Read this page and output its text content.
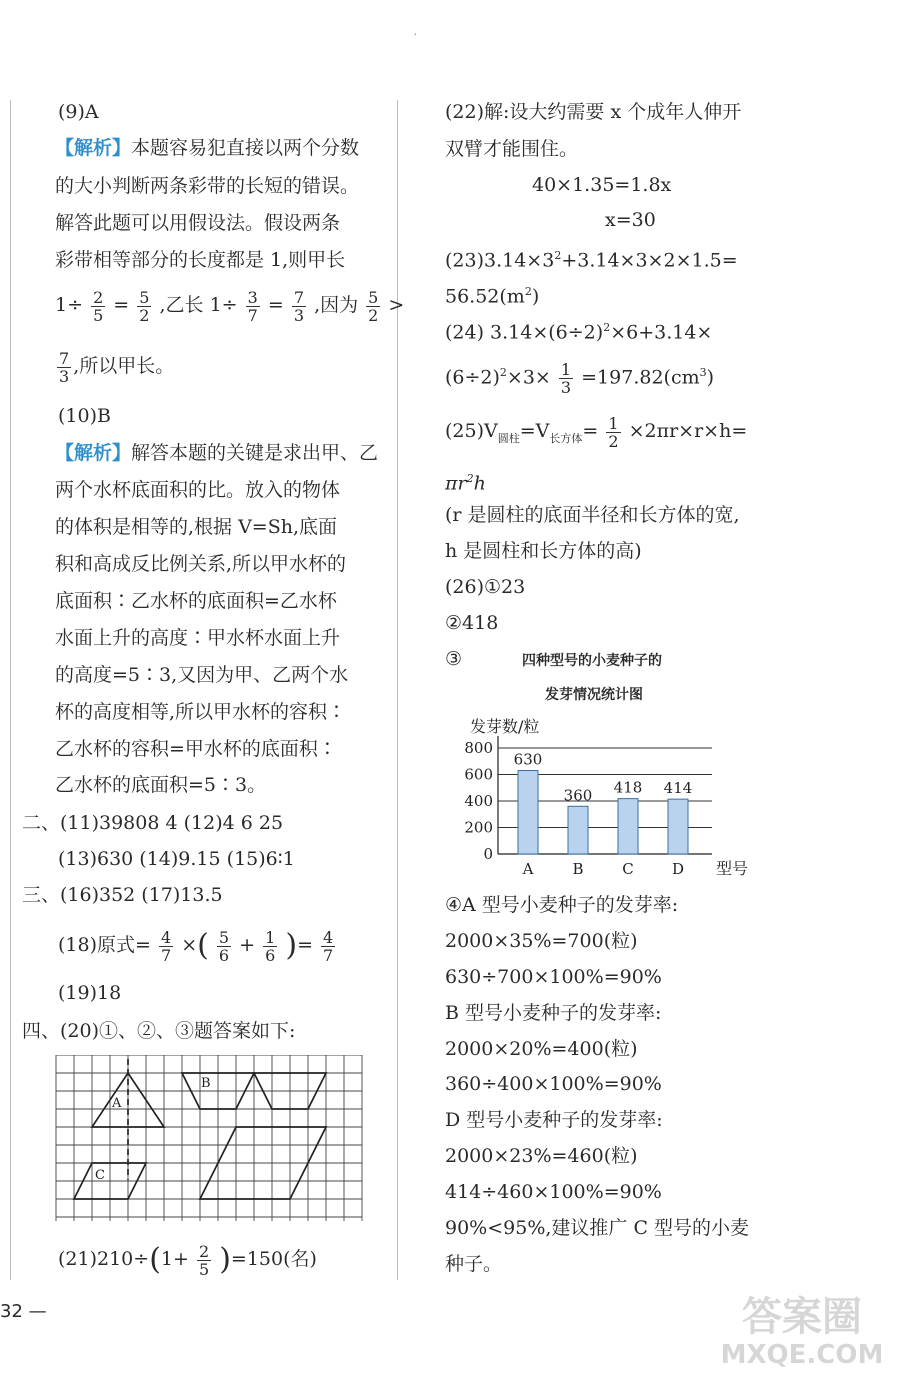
,
(9)A
【解析】本题容易犯直接以两个分数
的大小判断两条彩带的长短的错误。
解答此题可以用假设法。假设两条
彩带相等部分的长度都是 1,则甲长
$1\div \frac{2}{5} = \frac{5}{2}$ ,乙长 $1\div \frac{3}{7} = \frac{7}{3}$ ,因为 $\frac{5}{2}$ >
$\frac{7}{3}$ ,所以甲长。
(10)B
【解析】解答本题的关键是求出甲、乙
两个水杯底面积的比。放入的物体
的体积是相等的,根据 V=Sh,底面
积和高成反比例关系,所以甲水杯的
底面积∶乙水杯的底面积=乙水杯
水面上升的高度∶甲水杯水面上升
的高度=5∶3,又因为甲、乙两个水
杯的高度相等,所以甲水杯的容积∶
乙水杯的容积=甲水杯的底面积∶
乙水杯的底面积=5∶3。
二、(11)39808 4 (12)4 6 25
(13)630 (14)9.15 (15)6∶1
三、(16)352 (17)13.5
(18)原式= $\frac{4}{7}$ ×( $\frac{5}{6} + \frac{1}{6}$ )= $\frac{4}{7}$
(19)18
四、(20)①、②、③题答案如下:
A
B
C
$(21)210\div(1+ \frac{2}{5} )=150$(名)
32 —
(22)解:设大约需要 x 个成年人伸开
双臂才能围住。
40×1.35=1.8x
x=30
$(23)3.14\times 3^2+3.14\times 3\times 2\times 1.5=$
$56.52(m^2)$
(24) $3.14\times(6\div 2)^2\times 6+3.14\times$
$(6\div 2)^2\times 3\times \frac{1}{3} =197.82(cm^3)$
$(25)V_{圆柱}=V_{长方体}= \frac{1}{2} \times 2\pi r\times r\times h=$
$\pi r^2h$
(r 是圆柱的底面半径和长方体的宽,
h 是圆柱和长方体的高)
(26)①23
②418
③	四种型号的小麦种子的
发芽情况统计图
发芽数/粒
0
200
400
600
800
630
A
360
B
418
C
414
D 型号
④A 型号小麦种子的发芽率:
2000×35%=700(粒)
630÷700×100%=90%
B 型号小麦种子的发芽率:
2000×20%=400(粒)
360÷400×100%=90%
D 型号小麦种子的发芽率:
2000×23%=460(粒)
414÷460×100%=90%
90%<95%,建议推广 C 型号的小麦
种子。
答案圈
MXQE.COM
